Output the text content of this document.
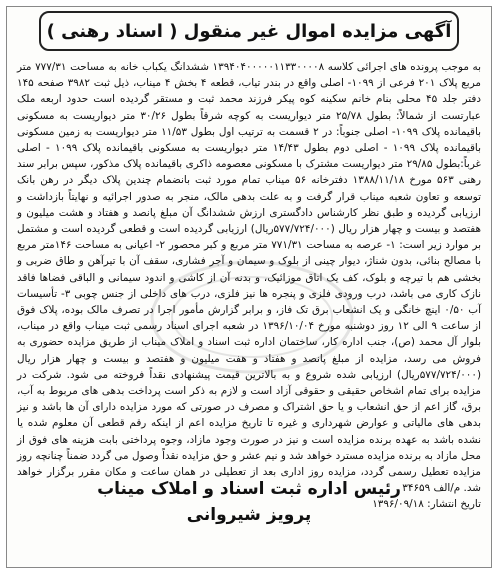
آگهی مزایده اموال غیر منقول ( اسناد رهنی )

به موجب پرونده های اجرائی کلاسه ۱۳۹۴۰۴۰۰۰۰۰۱۱۳۳۰۰۰۰۸ ششدانگ یکباب خانه به مساحت ۷۷۷/۳۱ متر مربع پلاک ۲۰۱ فرعی از ۱۰۹۹- اصلی واقع در بندر تیاب، قطعه ۴ بخش ۴ میناب، ذیل ثبت ۳۹۸۲ صفحه ۱۴۵ دفتر جلد ۴۵ محلی بنام خانم سکینه کوه پیکر فرزند محمد ثبت و مستقر گردیده است حدود اربعه ملک عبارتست از شمالاً: بطول ۲۵/۷۸ متر دیواریست به کوچه شرقاً بطول ۳۰/۲۶ متر دیواریست به مسکونی باقیمانده پلاک ۱۰۹۹- اصلی جنوباً: در ۲ قسمت به ترتیب اول بطول ۱۱/۵۳ متر دیواریست به زمین مسکونی باقیمانده پلاک ۱۰۹۹ - اصلی دوم بطول ۱۴/۴۳ متر دیواریست به مسکونی باقیمانده پلاک ۱۰۹۹ - اصلی غرباً:بطول ۲۹/۸۵ متر دیواریست مشترک با مسکونی معصومه ذاکری باقیمانده پلاک مذکور، سپس برابر سند رهنی ۵۶۳ مورخ ۱۳۸۸/۱۱/۱۸ دفترخانه ۵۶ میناب تمام مورد ثبت بانضمام چندین پلاک دیگر در رهن بانک توسعه و تعاون شعبه میناب قرار گرفت و به علت بدهی مالک، منجر به صدور اجرائیه و نهایتاً بازداشت و ارزیابی گردیده و طبق نظر کارشناس دادگستری ارزش ششدانگ آن مبلغ پانصد و هفتاد و هشت میلیون و هفتصد و بیست و چهار هزار ریال (۵۷۷/۷۲۴/۰۰۰ریال) ارزیابی گردیده است و قطعی گردیده است و مشتمل بر موارد زیر است: ۱- عرصه به مساحت ۷۷۱/۳۱ متر مربع و کبر محصور ۲- اعیانی به مساحت ۱۴۶متر مربع با مصالح بنائی، بدون شناژ، دیوار چینی از بلوک و سیمان و آجر فشاری، سقف آن با تیرآهن و طاق ضربی و بخشی هم با تیرچه و بلوک، کف یک اتاق موزائیک، و بدنه آن از کاشی و اندود سیمانی و الباقی فضاها فاقد نازک کاری می باشد، درب ورودی فلزی و پنجره ها نیز فلزی، درب های داخلی از جنس چوبی ۳- تأسیسات آب ۰/۵۰ اینچ خانگی و یک انشعاب برق تک فاز، و برابر گزارش مأمور اجرا در تصرف مالک بوده، پلاک فوق از ساعت ۹ الی ۱۲ روز دوشنبه مورخ ۱۳۹۶/۱۰/۰۴ در شعبه اجرای اسناد رسمی ثبت میناب واقع در میناب، بلوار آل محمد (ص)، جنب اداره کار، ساختمان اداره ثبت اسناد و املاک میناب از طریق مزایده حضوری به فروش می رسد، مزایده از مبلغ پانصد و هفتاد و هفت میلیون و هفتصد و بیست و چهار هزار ریال (۵۷۷/۷۲۴/۰۰۰ریال) ارزیابی شده شروع و به بالاترین قیمت پیشنهادی نقداً فروخته می شود. شرکت در مزایده برای تمام اشخاص حقیقی و حقوقی آزاد است و لازم به ذکر است پرداخت بدهی های مربوط به آب، برق، گاز اعم از حق انشعاب و یا حق اشتراک و مصرف در صورتی که مورد مزایده دارای آن ها باشد و نیز بدهی های مالیاتی و عوارض شهرداری و غیره تا تاریخ مزایده اعم از اینکه رقم قطعی آن معلوم شده یا نشده باشد به عهده برنده مزایده است و نیز در صورت وجود مازاد، وجوه پرداختی بابت هزینه های فوق از محل مازاد به برنده مزایده مسترد خواهد شد و نیم عشر و حق مزایده نقداً وصول می گردد ضمناً چنانچه روز مزایده تعطیل رسمی گردد، مزایده روز اداری بعد از تعطیلی در همان ساعت و مکان مقرر برگزار خواهد شد. م/الف ۳۴۶۵۹
تاریخ انتشار: ۱۳۹۶/۰۹/۱۸

رئیس اداره ثبت اسناد و املاک میناب

پرویز شیروانی
